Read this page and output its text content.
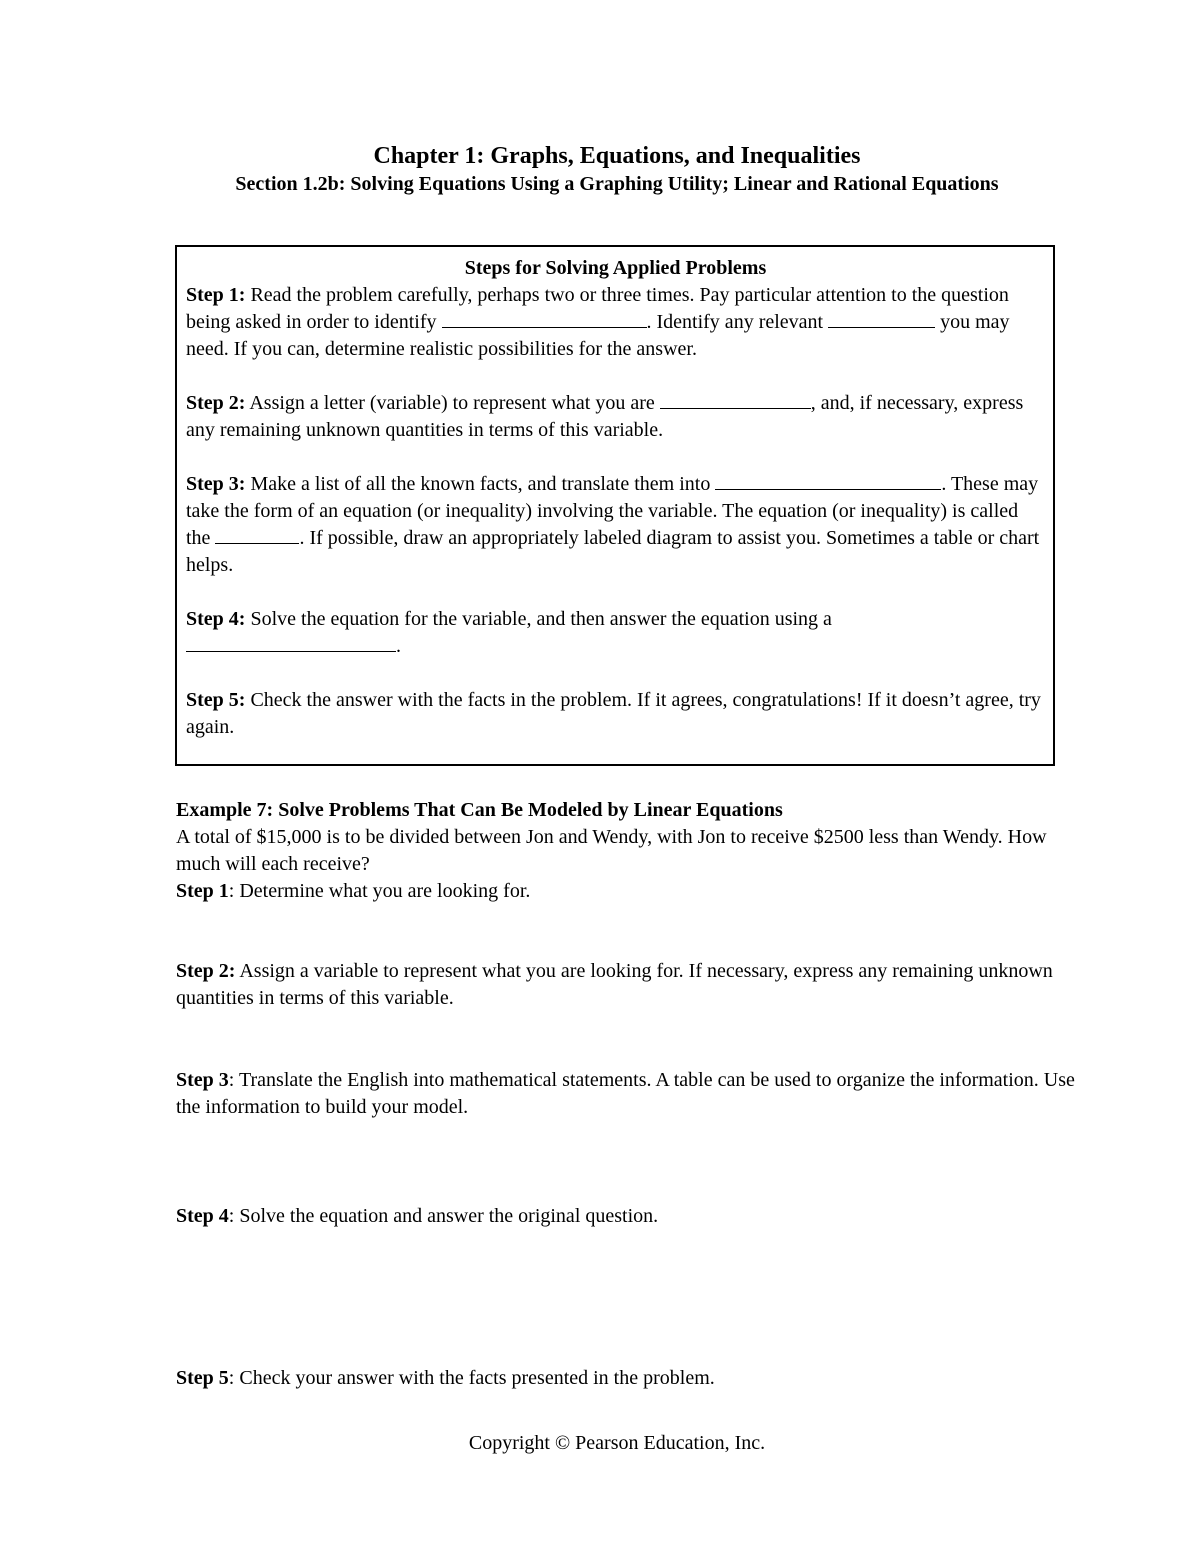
Chapter 1: Graphs, Equations, and Inequalities
Section 1.2b: Solving Equations Using a Graphing Utility; Linear and Rational Equations

Steps for Solving Applied Problems

Step 1: Read the problem carefully, perhaps two or three times. Pay particular attention to the question being asked in order to identify	. Identify any relevant	you may need. If you can, determine realistic possibilities for the answer.

Step 2: Assign a letter (variable) to represent what you are	, and, if necessary, express any remaining unknown quantities in terms of this variable.

Step 3: Make a list of all the known facts, and translate them into	. These may take the form of an equation (or inequality) involving the variable. The equation (or inequality) is called the	. If possible, draw an appropriately labeled diagram to assist you. Sometimes a table or chart helps.

Step 4: Solve the equation for the variable, and then answer the equation using a .

Step 5: Check the answer with the facts in the problem. If it agrees, congratulations! If it doesn’t agree, try again.

Example 7: Solve Problems That Can Be Modeled by Linear Equations

A total of $15,000 is to be divided between Jon and Wendy, with Jon to receive $2500 less than Wendy. How much will each receive?

Step 1: Determine what you are looking for.

Step 2: Assign a variable to represent what you are looking for. If necessary, express any remaining unknown quantities in terms of this variable.

Step 3: Translate the English into mathematical statements. A table can be used to organize the information. Use the information to build your model.

Step 4: Solve the equation and answer the original question.

Step 5: Check your answer with the facts presented in the problem.

Copyright © Pearson Education, Inc.
